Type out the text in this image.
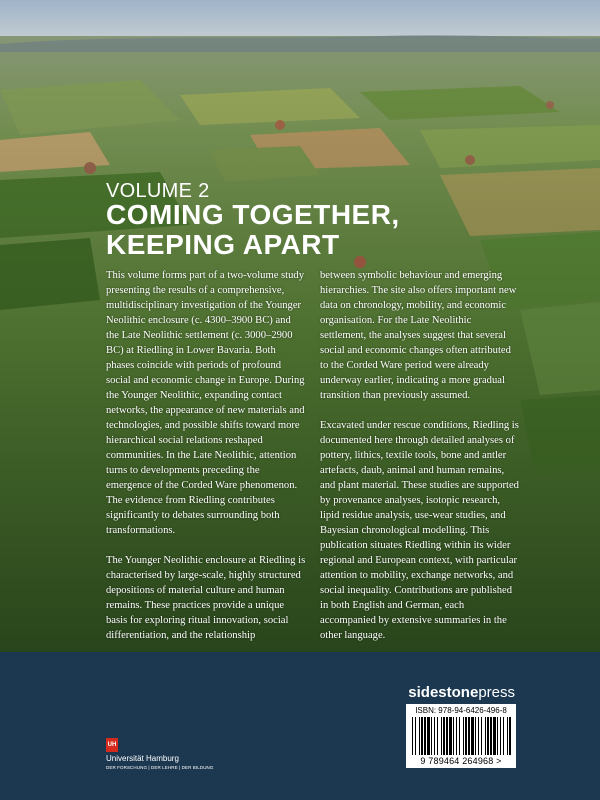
VOLUME 2
COMING TOGETHER,
KEEPING APART

This volume forms part of a two-volume study presenting the results of a comprehensive, multidisciplinary investigation of the Younger Neolithic enclosure (c. 4300–3900 BC) and the Late Neolithic settlement (c. 3000–2900 BC) at Riedling in Lower Bavaria. Both phases coincide with periods of profound social and economic change in Europe. During the Younger Neolithic, expanding contact networks, the appearance of new materials and technologies, and possible shifts toward more hierarchical social relations reshaped communities. In the Late Neolithic, attention turns to developments preceding the emergence of the Corded Ware phenomenon. The evidence from Riedling contributes significantly to debates surrounding both transformations.

The Younger Neolithic enclosure at Riedling is characterised by large-scale, highly structured depositions of material culture and human remains. These practices provide a unique basis for exploring ritual innovation, social differentiation, and the relationship

between symbolic behaviour and emerging hierarchies. The site also offers important new data on chronology, mobility, and economic organisation. For the Late Neolithic settlement, the analyses suggest that several social and economic changes often attributed to the Corded Ware period were already underway earlier, indicating a more gradual transition than previously assumed.

Excavated under rescue conditions, Riedling is documented here through detailed analyses of pottery, lithics, textile tools, bone and antler artefacts, daub, animal and human remains, and plant material. These studies are supported by provenance analyses, isotopic research, lipid residue analysis, use-wear studies, and Bayesian chronological modelling. This publication situates Riedling within its wider regional and European context, with particular attention to mobility, exchange networks, and social inequality. Contributions are published in both English and German, each accompanied by extensive summaries in the other language.

sidestonepress
ISBN: 978-94-6426-496-8
9 789464 264968 >
UH
Universität Hamburg
DER FORSCHUNG | DER LEHRE | DER BILDUNG
